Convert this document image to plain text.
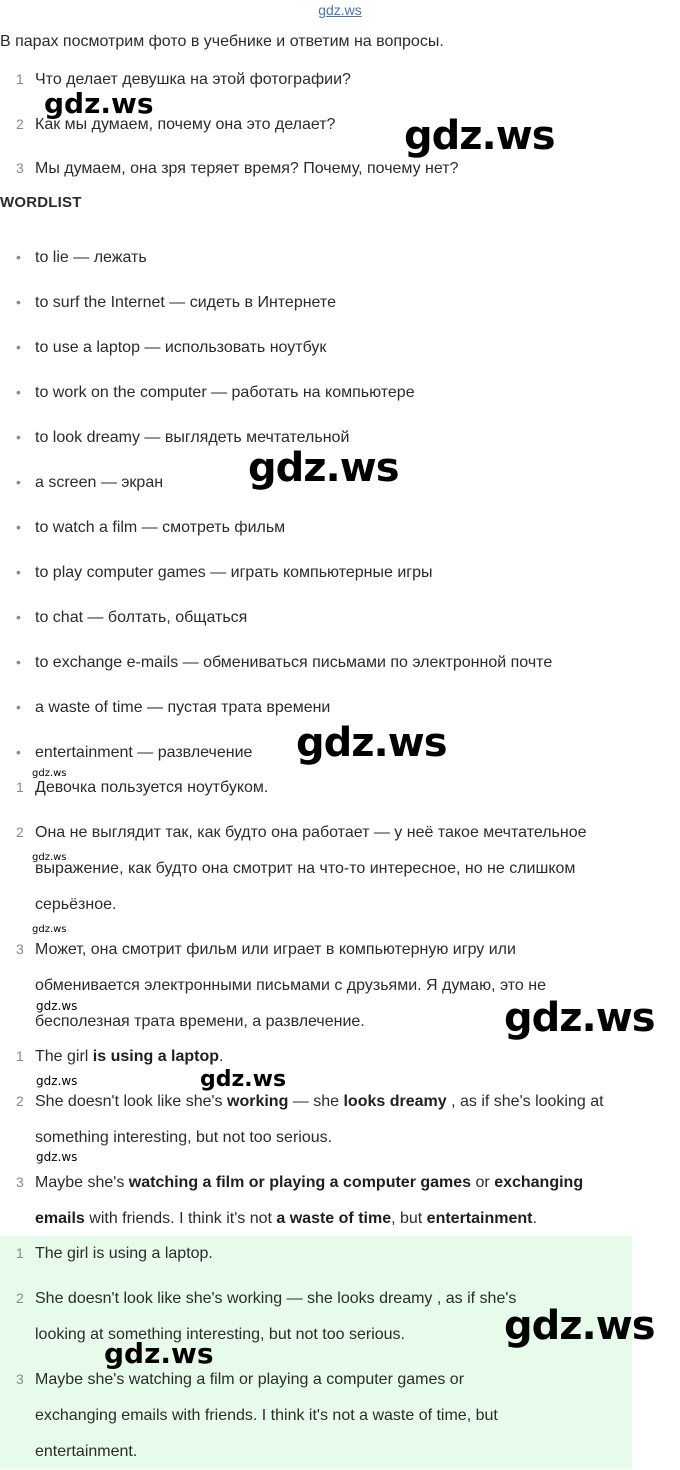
gdz.ws
В парах посмотрим фото в учебнике и ответим на вопросы.
1 Что делает девушка на этой фотографии?
2 Как мы думаем, почему она это делает?
3 Мы думаем, она зря теряет время? Почему, почему нет?
WORDLIST
• to lie — лежать
• to surf the Internet — сидеть в Интернете
• to use a laptop — использовать ноутбук
• to work on the computer — работать на компьютере
• to look dreamy — выглядеть мечтательной
• a screen — экран
• to watch a film — смотреть фильм
• to play computer games — играть компьютерные игры
• to chat — болтать, общаться
• to exchange e-mails — обмениваться письмами по электронной почте
• a waste of time — пустая трата времени
• entertainment — развлечение
1 Девочка пользуется ноутбуком.
2 Она не выглядит так, как будто она работает — у неё такое мечтательное
выражение, как будто она смотрит на что-то интересное, но не слишком
серьёзное.
3 Может, она смотрит фильм или играет в компьютерную игру или
обменивается электронными письмами с друзьями. Я думаю, это не
бесполезная трата времени, а развлечение.
1 The girl is using a laptop.
2 She doesn't look like she's working — she looks dreamy , as if she's looking at
something interesting, but not too serious.
3 Maybe she's watching a film or playing a computer games or exchanging
emails with friends. I think it's not a waste of time, but entertainment.
1 The girl is using a laptop.
2 She doesn't look like she's working — she looks dreamy , as if she's
looking at something interesting, but not too serious.
3 Maybe she's watching a film or playing a computer games or
exchanging emails with friends. I think it's not a waste of time, but
entertainment.
gdz.ws
gdz.ws
gdz.ws
gdz.ws
gdz.ws
gdz.ws
gdz.ws
gdz.ws	gdz.ws
gdz.ws	gdz.ws
gdz.ws
gdz.ws
gdz.ws
